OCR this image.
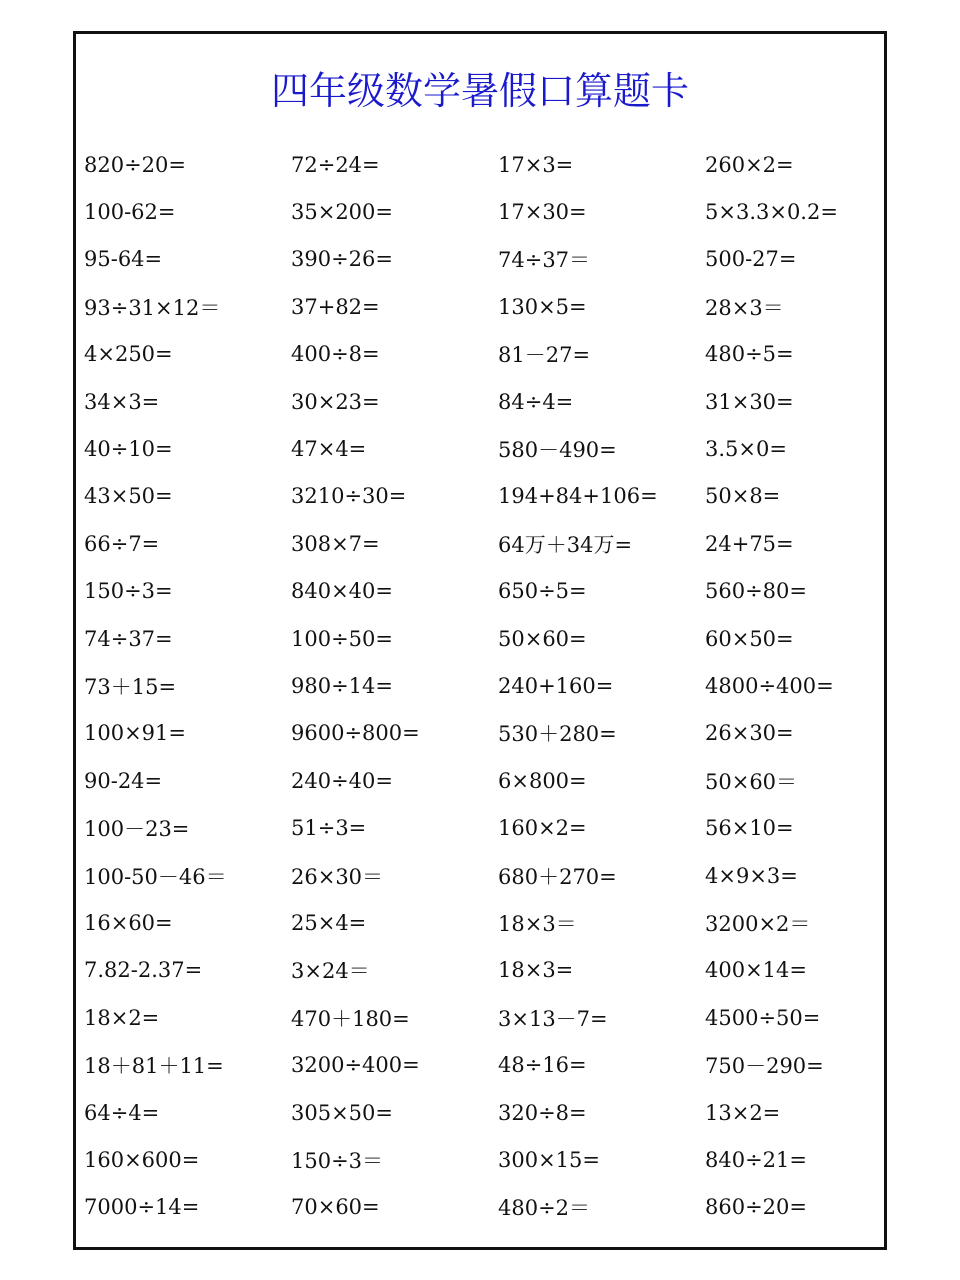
四年级数学暑假口算题卡
820÷20=	72÷24=	17×3=	260×2=
100-62=	35×200=	17×30=	5×3.3×0.2=
95-64=	390÷26=	74÷37＝	500-27=
93÷31×12＝	37+82=	130×5=	28×3＝
4×250=	400÷8=	81－27=	480÷5=
34×3=	30×23=	84÷4=	31×30=
40÷10=	47×4=	580－490=	3.5×0=
43×50=	3210÷30=	194+84+106=	50×8=
66÷7=	308×7=	64万＋34万=	24+75=
150÷3=	840×40=	650÷5=	560÷80=
74÷37=	100÷50=	50×60=	60×50=
73＋15=	980÷14=	240+160=	4800÷400=
100×91=	9600÷800=	530＋280=	26×30=
90-24=	240÷40=	6×800=	50×60＝
100－23=	51÷3=	160×2=	56×10=
100-50－46＝	26×30＝	680＋270=	4×9×3=
16×60=	25×4=	18×3＝	3200×2＝
7.82-2.37=	3×24＝	18×3=	400×14=
18×2=	470＋180=	3×13－7=	4500÷50=
18＋81＋11=	3200÷400=	48÷16=	750－290=
64÷4=	305×50=	320÷8=	13×2=
160×600=	150÷3＝	300×15=	840÷21=
7000÷14=	70×60=	480÷2＝	860÷20=
